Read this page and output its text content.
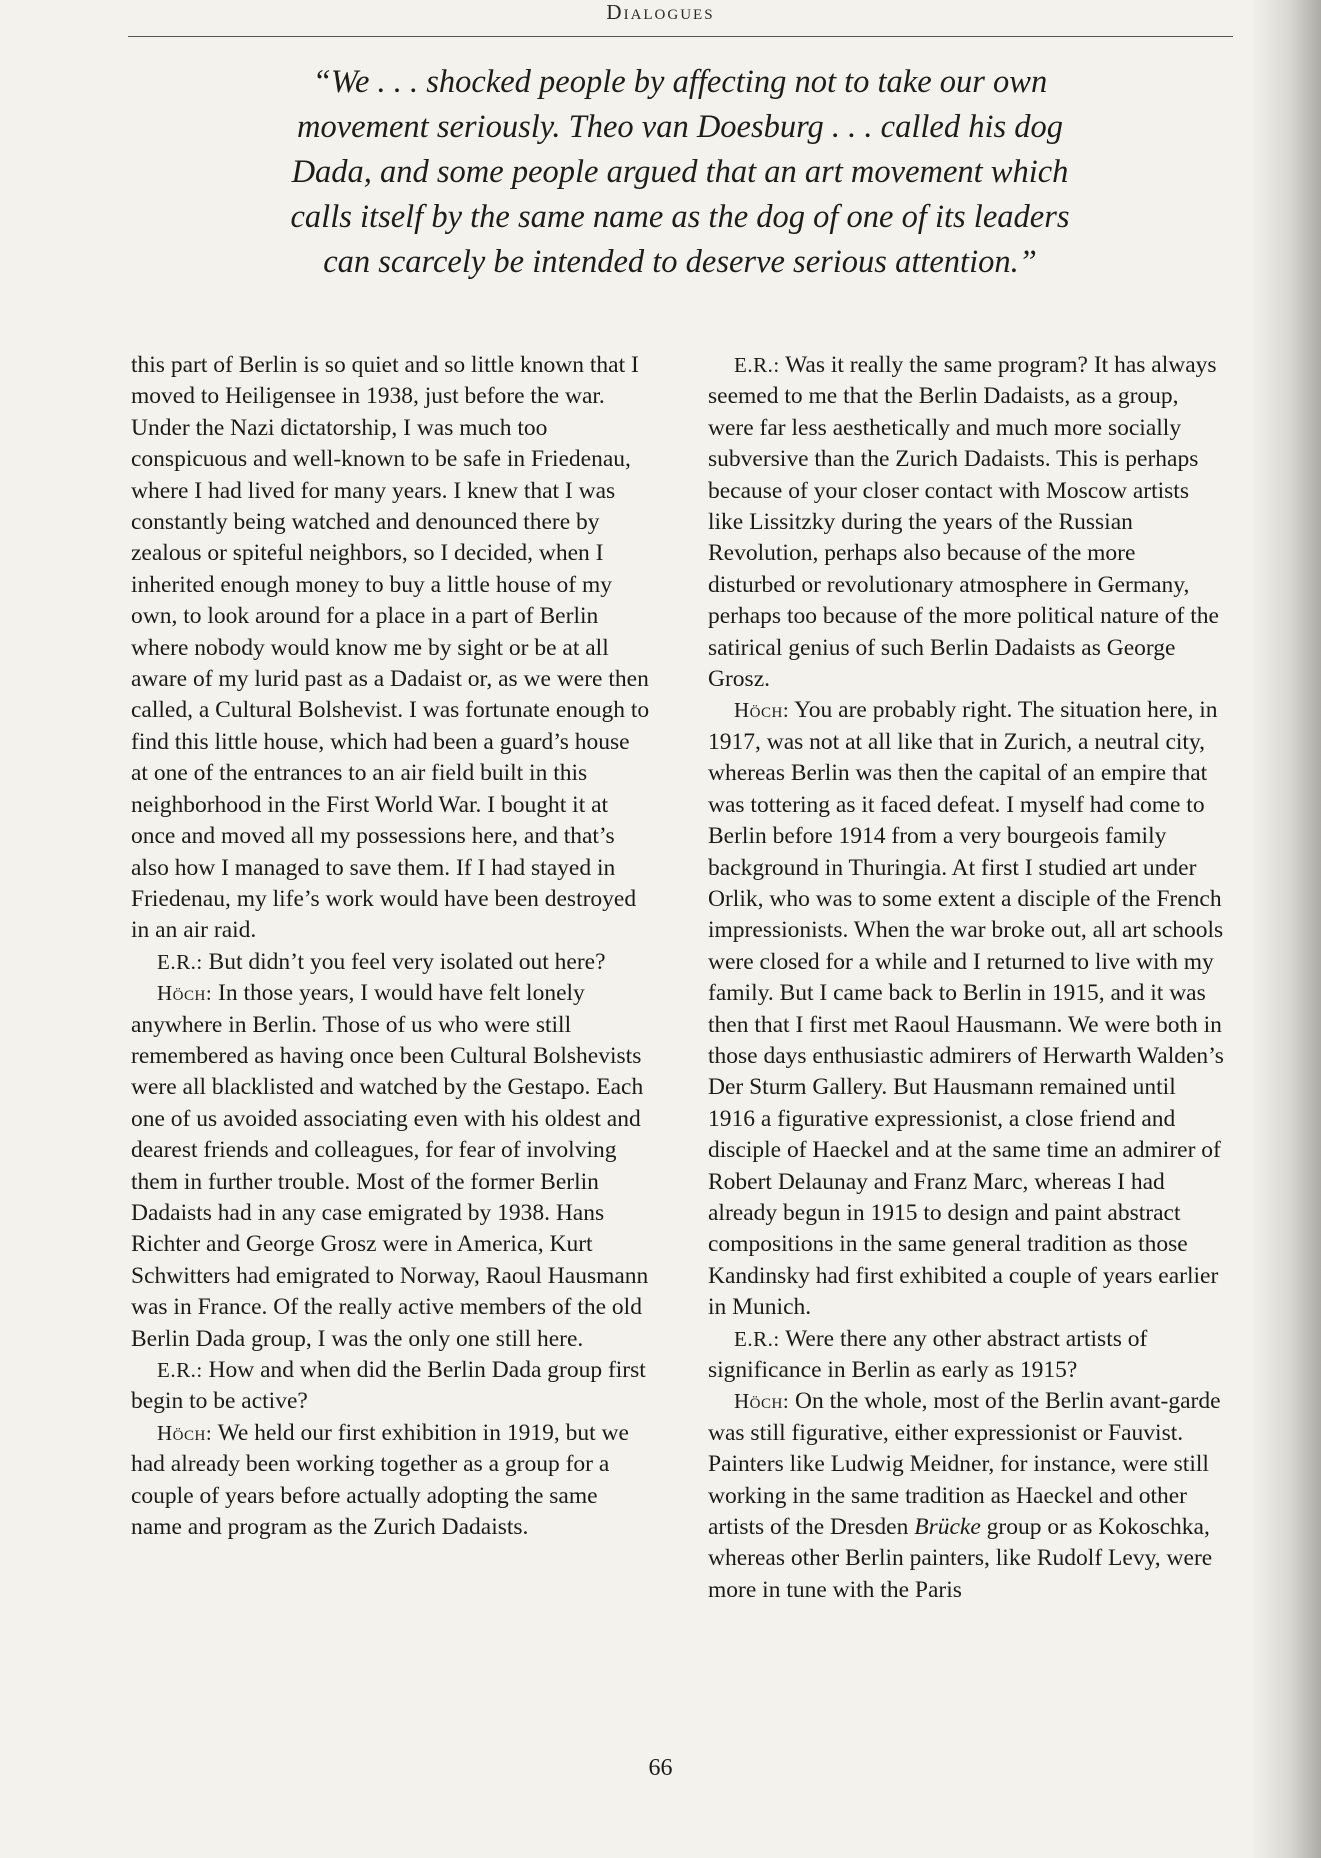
Dialogues
“We . . . shocked people by affecting not to take our own movement seriously. Theo van Doesburg . . . called his dog Dada, and some people argued that an art movement which calls itself by the same name as the dog of one of its leaders can scarcely be intended to deserve serious attention.”

this part of Berlin is so quiet and so little known that I moved to Heiligensee in 1938, just before the war. Under the Nazi dictatorship, I was much too conspicuous and well-known to be safe in Friedenau, where I had lived for many years. I knew that I was constantly being watched and denounced there by zealous or spiteful neighbors, so I decided, when I inherited enough money to buy a little house of my own, to look around for a place in a part of Berlin where nobody would know me by sight or be at all aware of my lurid past as a Dadaist or, as we were then called, a Cultural Bolshevist. I was fortunate enough to find this little house, which had been a guard’s house at one of the entrances to an air field built in this neighborhood in the First World War. I bought it at once and moved all my possessions here, and that’s also how I managed to save them. If I had stayed in Friedenau, my life’s work would have been destroyed in an air raid.

E.R.: But didn’t you feel very isolated out here?

Höch: In those years, I would have felt lonely anywhere in Berlin. Those of us who were still remembered as having once been Cultural Bolshevists were all blacklisted and watched by the Gestapo. Each one of us avoided associating even with his oldest and dearest friends and colleagues, for fear of involving them in further trouble. Most of the former Berlin Dadaists had in any case emigrated by 1938. Hans Richter and George Grosz were in America, Kurt Schwitters had emigrated to Norway, Raoul Hausmann was in France. Of the really active members of the old Berlin Dada group, I was the only one still here.

E.R.: How and when did the Berlin Dada group first begin to be active?

Höch: We held our first exhibition in 1919, but we had already been working together as a group for a couple of years before actually adopting the same name and program as the Zurich Dadaists.

E.R.: Was it really the same program? It has always seemed to me that the Berlin Dadaists, as a group, were far less aesthetically and much more socially subversive than the Zurich Dadaists. This is perhaps because of your closer contact with Moscow artists like Lissitzky during the years of the Russian Revolution, perhaps also because of the more disturbed or revolutionary atmosphere in Germany, perhaps too because of the more political nature of the satirical genius of such Berlin Dadaists as George Grosz.

Höch: You are probably right. The situation here, in 1917, was not at all like that in Zurich, a neutral city, whereas Berlin was then the capital of an empire that was tottering as it faced defeat. I myself had come to Berlin before 1914 from a very bourgeois family background in Thuringia. At first I studied art under Orlik, who was to some extent a disciple of the French impressionists. When the war broke out, all art schools were closed for a while and I returned to live with my family. But I came back to Berlin in 1915, and it was then that I first met Raoul Hausmann. We were both in those days enthusiastic admirers of Herwarth Walden’s Der Sturm Gallery. But Hausmann remained until 1916 a figurative expressionist, a close friend and disciple of Haeckel and at the same time an admirer of Robert Delaunay and Franz Marc, whereas I had already begun in 1915 to design and paint abstract compositions in the same general tradition as those Kandinsky had first exhibited a couple of years earlier in Munich.

E.R.: Were there any other abstract artists of significance in Berlin as early as 1915?

Höch: On the whole, most of the Berlin avant-garde was still figurative, either expressionist or Fauvist. Painters like Ludwig Meidner, for instance, were still working in the same tradition as Haeckel and other artists of the Dresden Brücke group or as Kokoschka, whereas other Berlin painters, like Rudolf Levy, were more in tune with the Paris

66
